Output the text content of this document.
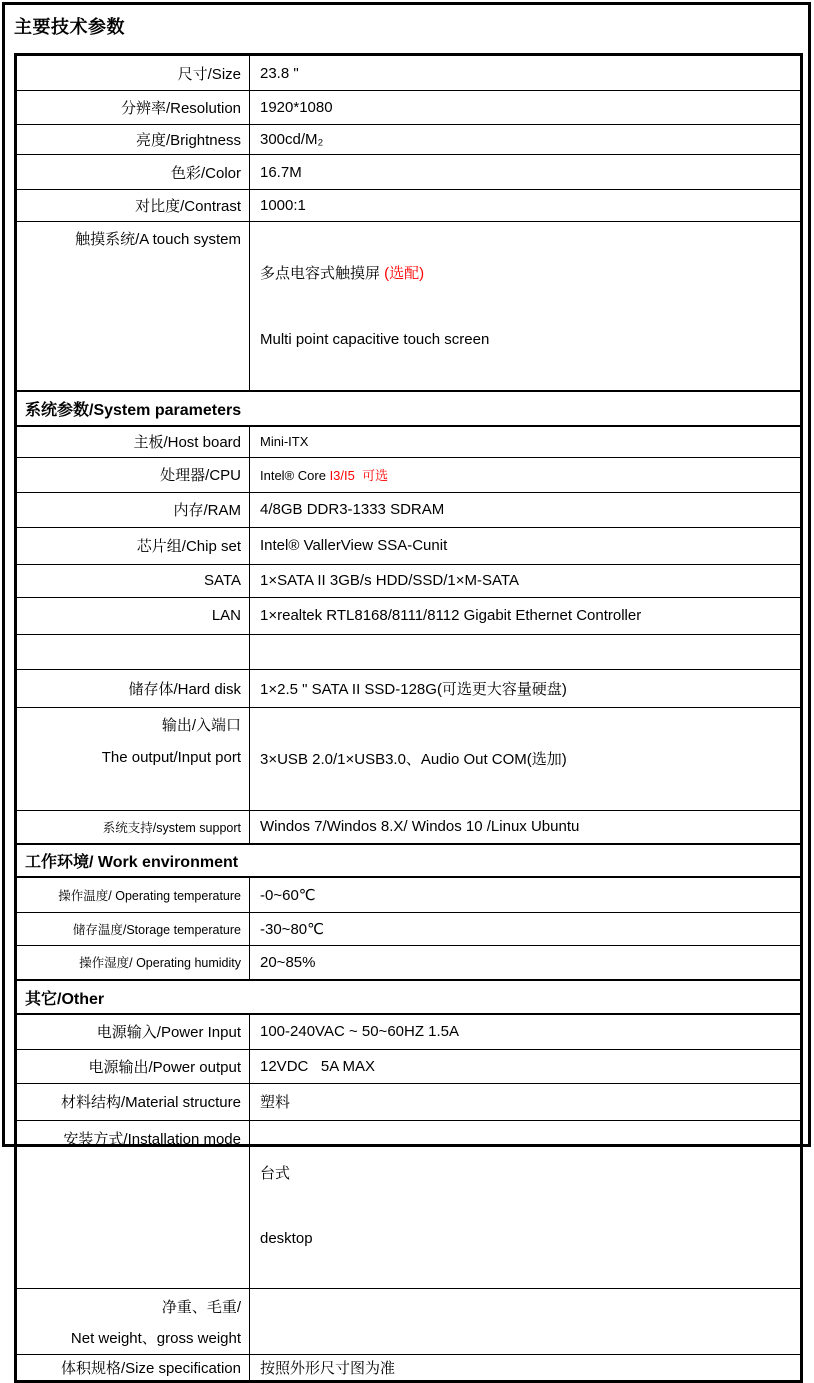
主要技术参数
尺寸/Size	23.8 "
分辨率/Resolution	1920*1080
亮度/Brightness	300cd/M₂
色彩/Color	16.7M
对比度/Contrast	1000:1

触摸系统/A touch system	多点电容式触摸屏 (选配)

Multi point capacitive touch screen

系统参数/System parameters	
主板/Host board	Mini-ITX
处理器/CPU	Intel® Core I3/I5  可选
内存/RAM	4/8GB DDR3-1333 SDRAM
芯片组/Chip set	Intel® VallerView SSA-Cunit
SATA	1×SATA II 3GB/s HDD/SSD/1×M-SATA
LAN	1×realtek RTL8168/8111/8112 Gigabit Ethernet Controller

储存体/Hard disk	1×2.5 " SATA II SSD-128G(可选更大容量硬盘)

输出/入端口
The output/Input port	3×USB 2.0/1×USB3.0、Audio Out COM(选加)

系统支持/system support	Windos 7/Windos 8.X/ Windos 10 /Linux Ubuntu
工作环境/ Work environment	
操作温度/ Operating temperature	-0~60℃
储存温度/Storage temperature	-30~80℃
操作湿度/ Operating humidity	20~85%
其它/Other	
电源输入/Power Input	100-240VAC ~ 50~60HZ 1.5A
电源输出/Power output	12VDC   5A MAX
材料结构/Material structure	塑料

安装方式/Installation mode	台式

desktop

净重、毛重/
Net weight、gross weight	

体积规格/Size specification	按照外形尺寸图为准
